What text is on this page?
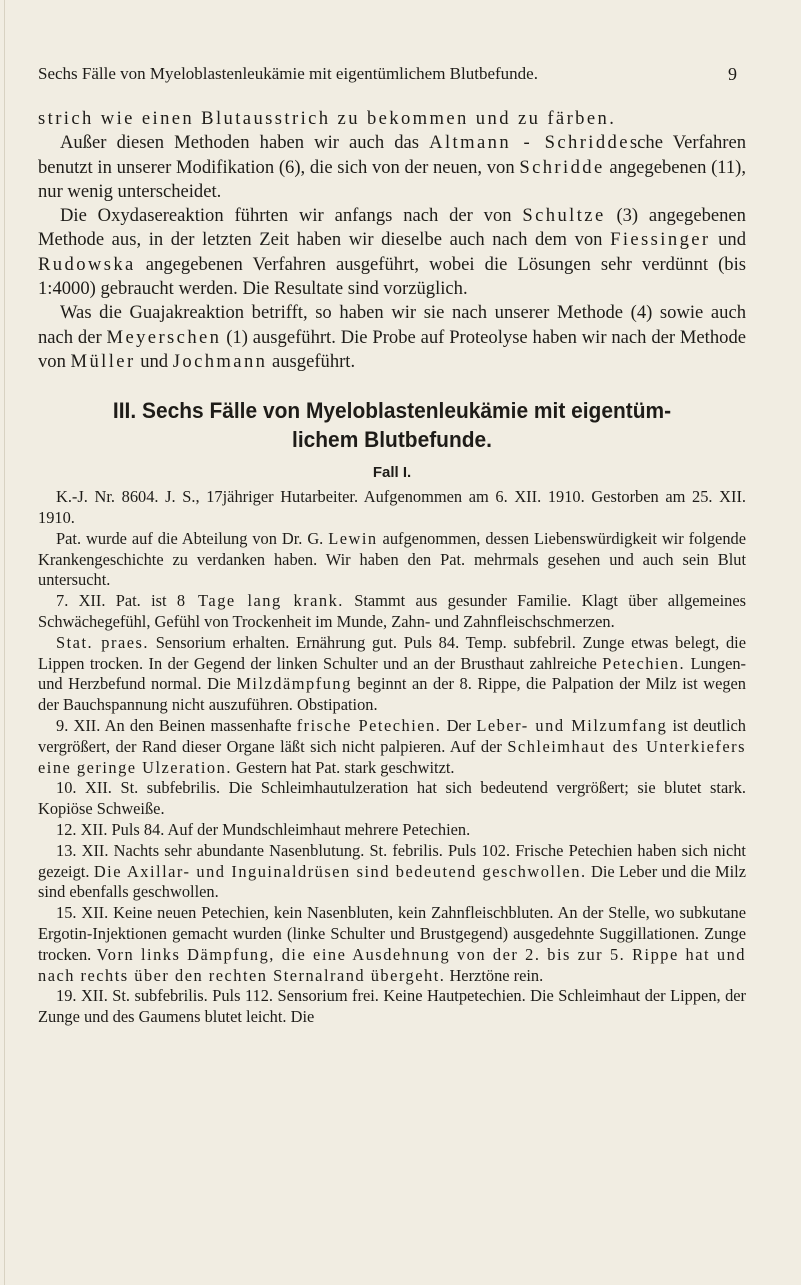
Sechs Fälle von Myeloblastenleukämie mit eigentümlichem Blutbefunde.	9

strich wie einen Blutausstrich zu bekommen und zu färben.

Außer diesen Methoden haben wir auch das Altmann - Schriddesche Verfahren benutzt in unserer Modifikation (6), die sich von der neuen, von Schridde angegebenen (11), nur wenig unterscheidet.

Die Oxydasereaktion führten wir anfangs nach der von Schultze (3) angegebenen Methode aus, in der letzten Zeit haben wir dieselbe auch nach dem von Fiessinger und Rudowska angegebenen Verfahren ausgeführt, wobei die Lösungen sehr verdünnt (bis 1:4000) gebraucht werden. Die Resultate sind vorzüglich.

Was die Guajakreaktion betrifft, so haben wir sie nach unserer Methode (4) sowie auch nach der Meyerschen (1) ausgeführt. Die Probe auf Proteolyse haben wir nach der Methode von Müller und Jochmann ausgeführt.

III. Sechs Fälle von Myeloblastenleukämie mit eigentüm-
lichem Blutbefunde.
Fall I.

K.-J. Nr. 8604. J. S., 17jähriger Hutarbeiter. Aufgenommen am 6. XII. 1910. Gestorben am 25. XII. 1910.

Pat. wurde auf die Abteilung von Dr. G. Lewin aufgenommen, dessen Liebenswürdigkeit wir folgende Krankengeschichte zu verdanken haben. Wir haben den Pat. mehrmals gesehen und auch sein Blut untersucht.

7. XII. Pat. ist 8 Tage lang krank. Stammt aus gesunder Familie. Klagt über allgemeines Schwächegefühl, Gefühl von Trockenheit im Munde, Zahn- und Zahnfleischschmerzen.

Stat. praes. Sensorium erhalten. Ernährung gut. Puls 84. Temp. subfebril. Zunge etwas belegt, die Lippen trocken. In der Gegend der linken Schulter und an der Brusthaut zahlreiche Petechien. Lungen- und Herzbefund normal. Die Milzdämpfung beginnt an der 8. Rippe, die Palpation der Milz ist wegen der Bauchspannung nicht auszuführen. Obstipation.

9. XII. An den Beinen massenhafte frische Petechien. Der Leber- und Milzumfang ist deutlich vergrößert, der Rand dieser Organe läßt sich nicht palpieren. Auf der Schleimhaut des Unterkiefers eine geringe Ulzeration. Gestern hat Pat. stark geschwitzt.

10. XII. St. subfebrilis. Die Schleimhautulzeration hat sich bedeutend vergrößert; sie blutet stark. Kopiöse Schweiße.

12. XII. Puls 84. Auf der Mundschleimhaut mehrere Petechien.

13. XII. Nachts sehr abundante Nasenblutung. St. febrilis. Puls 102. Frische Petechien haben sich nicht gezeigt. Die Axillar- und Inguinaldrüsen sind bedeutend geschwollen. Die Leber und die Milz sind ebenfalls geschwollen.

15. XII. Keine neuen Petechien, kein Nasenbluten, kein Zahnfleischbluten. An der Stelle, wo subkutane Ergotin-Injektionen gemacht wurden (linke Schulter und Brustgegend) ausgedehnte Suggillationen. Zunge trocken. Vorn links Dämpfung, die eine Ausdehnung von der 2. bis zur 5. Rippe hat und nach rechts über den rechten Sternalrand übergeht. Herztöne rein.

19. XII. St. subfebrilis. Puls 112. Sensorium frei. Keine Hautpetechien. Die Schleimhaut der Lippen, der Zunge und des Gaumens blutet leicht. Die
